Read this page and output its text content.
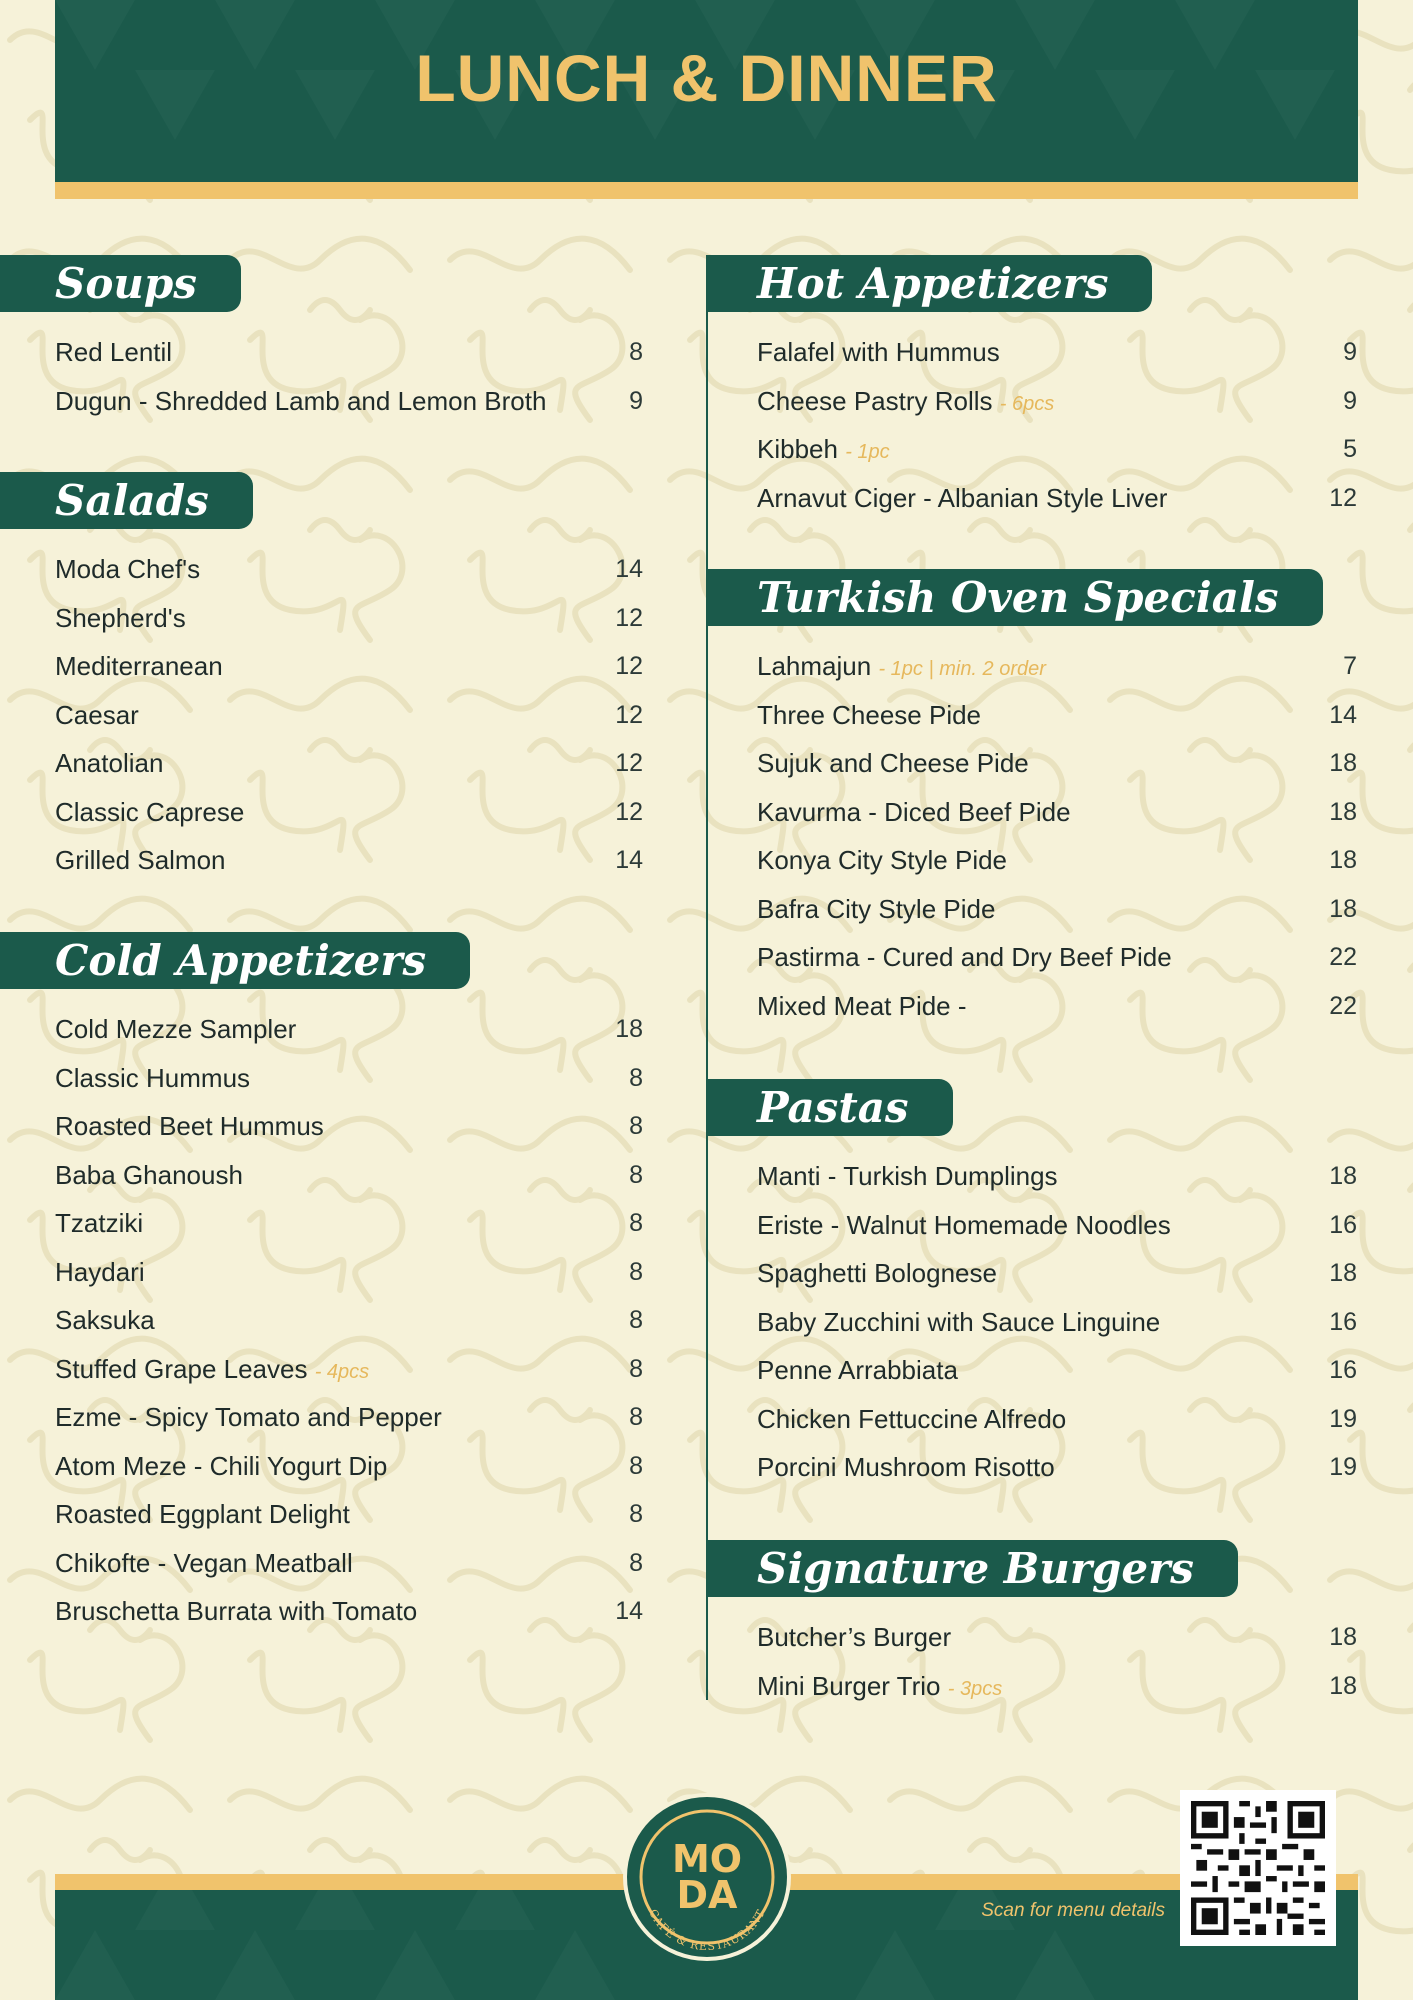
LUNCH & DINNER
Soups
Red Lentil	8
Dugun - Shredded Lamb and Lemon Broth	9
Salads
Moda Chef's	14
Shepherd's	12
Mediterranean	12
Caesar	12
Anatolian	12
Classic Caprese	12
Grilled Salmon	14
Cold Appetizers
Cold Mezze Sampler	18
Classic Hummus	8
Roasted Beet Hummus	8
Baba Ghanoush	8
Tzatziki	8
Haydari	8
Saksuka	8
Stuffed Grape Leaves - 4pcs	8
Ezme - Spicy Tomato and Pepper	8
Atom Meze - Chili Yogurt Dip	8
Roasted Eggplant Delight	8
Chikofte - Vegan Meatball	8
Bruschetta Burrata with Tomato	14
Hot Appetizers
Falafel with Hummus	9
Cheese Pastry Rolls - 6pcs	9
Kibbeh - 1pc	5
Arnavut Ciger - Albanian Style Liver	12
Turkish Oven Specials
Lahmajun - 1pc | min. 2 order	7
Three Cheese Pide	14
Sujuk and Cheese Pide	18
Kavurma - Diced Beef Pide	18
Konya City Style Pide	18
Bafra City Style Pide	18
Pastirma - Cured and Dry Beef Pide	22
Mixed Meat Pide -	22
Pastas
Manti - Turkish Dumplings	18
Eriste - Walnut Homemade Noodles	16
Spaghetti Bolognese	18
Baby Zucchini with Sauce Linguine	16
Penne Arrabbiata	16
Chicken Fettuccine Alfredo	19
Porcini Mushroom Risotto	19
Signature Burgers
Butcher’s Burger	18
Mini Burger Trio - 3pcs	18
MO
DA
CAFÉ & RESTAURANT	Scan for menu details
